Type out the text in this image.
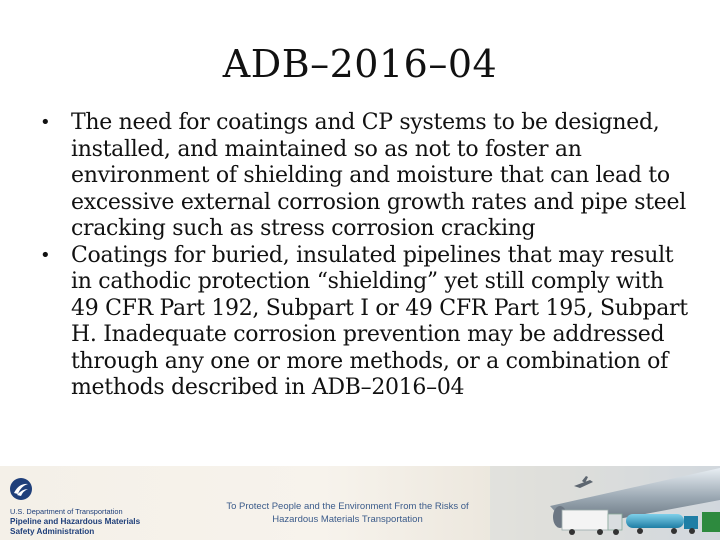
ADB–2016–04
• The need for coatings and CP systems to be designed, installed, and maintained so as not to foster an environment of shielding and moisture that can lead to excessive external corrosion growth rates and pipe steel cracking such as stress corrosion cracking
• Coatings for buried, insulated pipelines that may result in cathodic protection “shielding” yet still comply with 49 CFR Part 192, Subpart I or 49 CFR Part 195, Subpart H. Inadequate corrosion prevention may be addressed through any one or more methods, or a combination of methods described in ADB–2016–04
U.S. Department of Transportation
Pipeline and Hazardous Materials
Safety Administration
To Protect People and the Environment From the Risks of
Hazardous Materials Transportation
